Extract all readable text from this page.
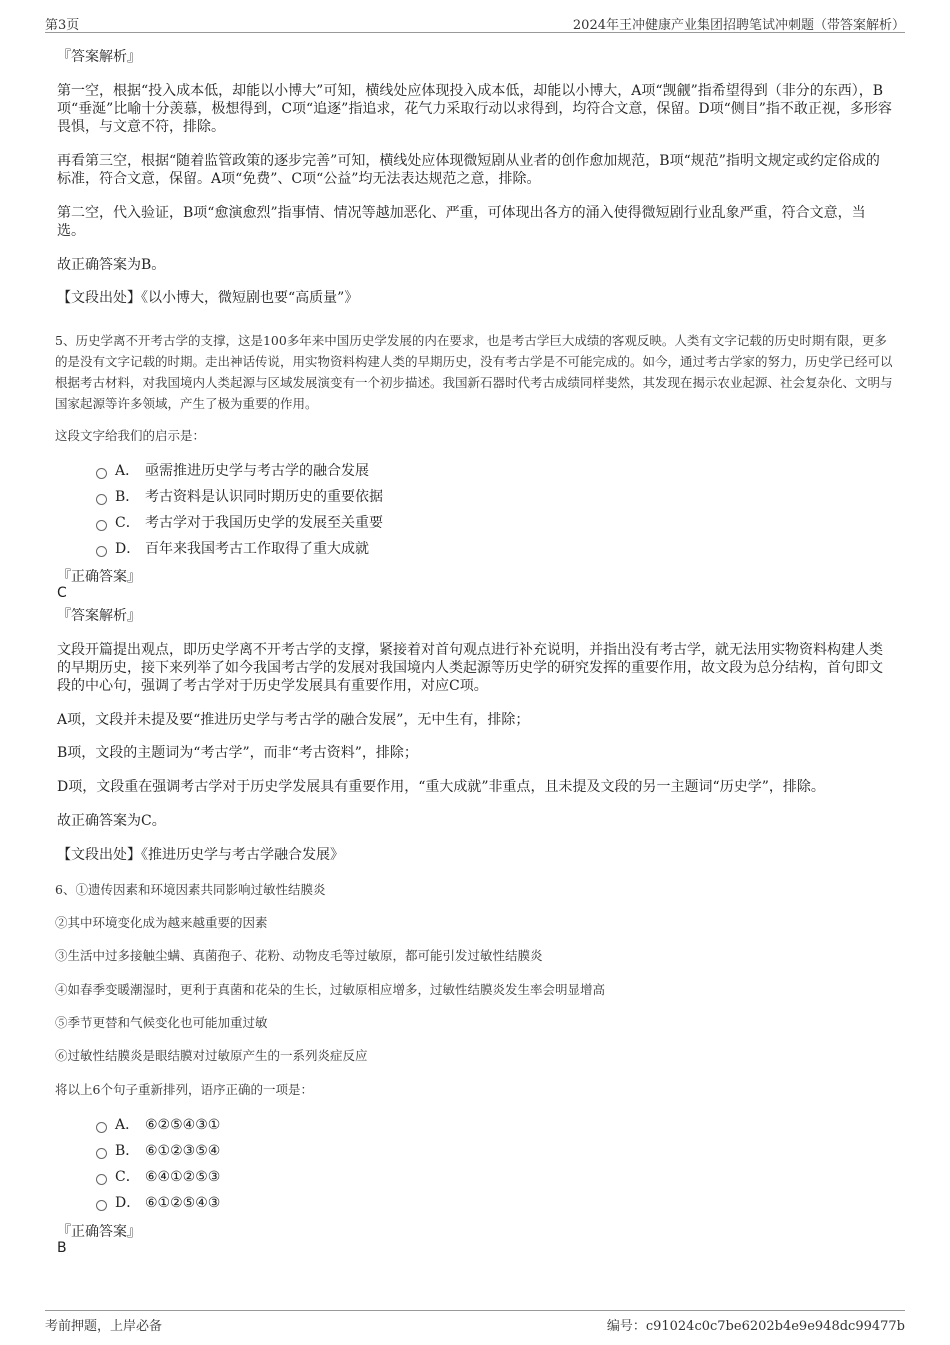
第3页	2024年王冲健康产业集团招聘笔试冲刺题（带答案解析）
『答案解析』
第一空，根据“投入成本低，却能以小博大”可知，横线处应体现投入成本低，却能以小博大，A项“觊觎”指希望得到（非分的东西），B项“垂涎”比喻十分羡慕，极想得到，C项“追逐”指追求，花气力采取行动以求得到，均符合文意，保留。D项“侧目”指不敢正视，多形容畏惧，与文意不符，排除。
再看第三空，根据“随着监管政策的逐步完善”可知，横线处应体现微短剧从业者的创作愈加规范，B项“规范”指明文规定或约定俗成的标准，符合文意，保留。A项“免费”、C项“公益”均无法表达规范之意，排除。
第二空，代入验证，B项“愈演愈烈”指事情、情况等越加恶化、严重，可体现出各方的涌入使得微短剧行业乱象严重，符合文意，当选。
故正确答案为B。
【文段出处】《以小博大，微短剧也要“高质量”》
5、历史学离不开考古学的支撑，这是100多年来中国历史学发展的内在要求，也是考古学巨大成绩的客观反映。人类有文字记载的历史时期有限，更多的是没有文字记载的时期。走出神话传说，用实物资料构建人类的早期历史，没有考古学是不可能完成的。如今，通过考古学家的努力，历史学已经可以根据考古材料，对我国境内人类起源与区域发展演变有一个初步描述。我国新石器时代考古成绩同样斐然，其发现在揭示农业起源、社会复杂化、文明与国家起源等许多领域，产生了极为重要的作用。
这段文字给我们的启示是：
A． 亟需推进历史学与考古学的融合发展
B． 考古资料是认识同时期历史的重要依据
C． 考古学对于我国历史学的发展至关重要
D． 百年来我国考古工作取得了重大成就
『正确答案』
C
『答案解析』
文段开篇提出观点，即历史学离不开考古学的支撑，紧接着对首句观点进行补充说明，并指出没有考古学，就无法用实物资料构建人类的早期历史，接下来列举了如今我国考古学的发展对我国境内人类起源等历史学的研究发挥的重要作用，故文段为总分结构，首句即文段的中心句，强调了考古学对于历史学发展具有重要作用，对应C项。
A项，文段并未提及要“推进历史学与考古学的融合发展”，无中生有，排除；
B项，文段的主题词为“考古学”，而非“考古资料”，排除；
D项，文段重在强调考古学对于历史学发展具有重要作用，“重大成就”非重点，且未提及文段的另一主题词“历史学”，排除。
故正确答案为C。
【文段出处】《推进历史学与考古学融合发展》
6、①遗传因素和环境因素共同影响过敏性结膜炎
②其中环境变化成为越来越重要的因素
③生活中过多接触尘螨、真菌孢子、花粉、动物皮毛等过敏原，都可能引发过敏性结膜炎
④如春季变暖潮湿时，更利于真菌和花朵的生长，过敏原相应增多，过敏性结膜炎发生率会明显增高
⑤季节更替和气候变化也可能加重过敏
⑥过敏性结膜炎是眼结膜对过敏原产生的一系列炎症反应
将以上6个句子重新排列，语序正确的一项是：
A． ⑥②⑤④③①
B． ⑥①②③⑤④
C． ⑥④①②⑤③
D． ⑥①②⑤④③
『正确答案』
B
考前押题，上岸必备	编号：c91024c0c7be6202b4e9e948dc99477b
